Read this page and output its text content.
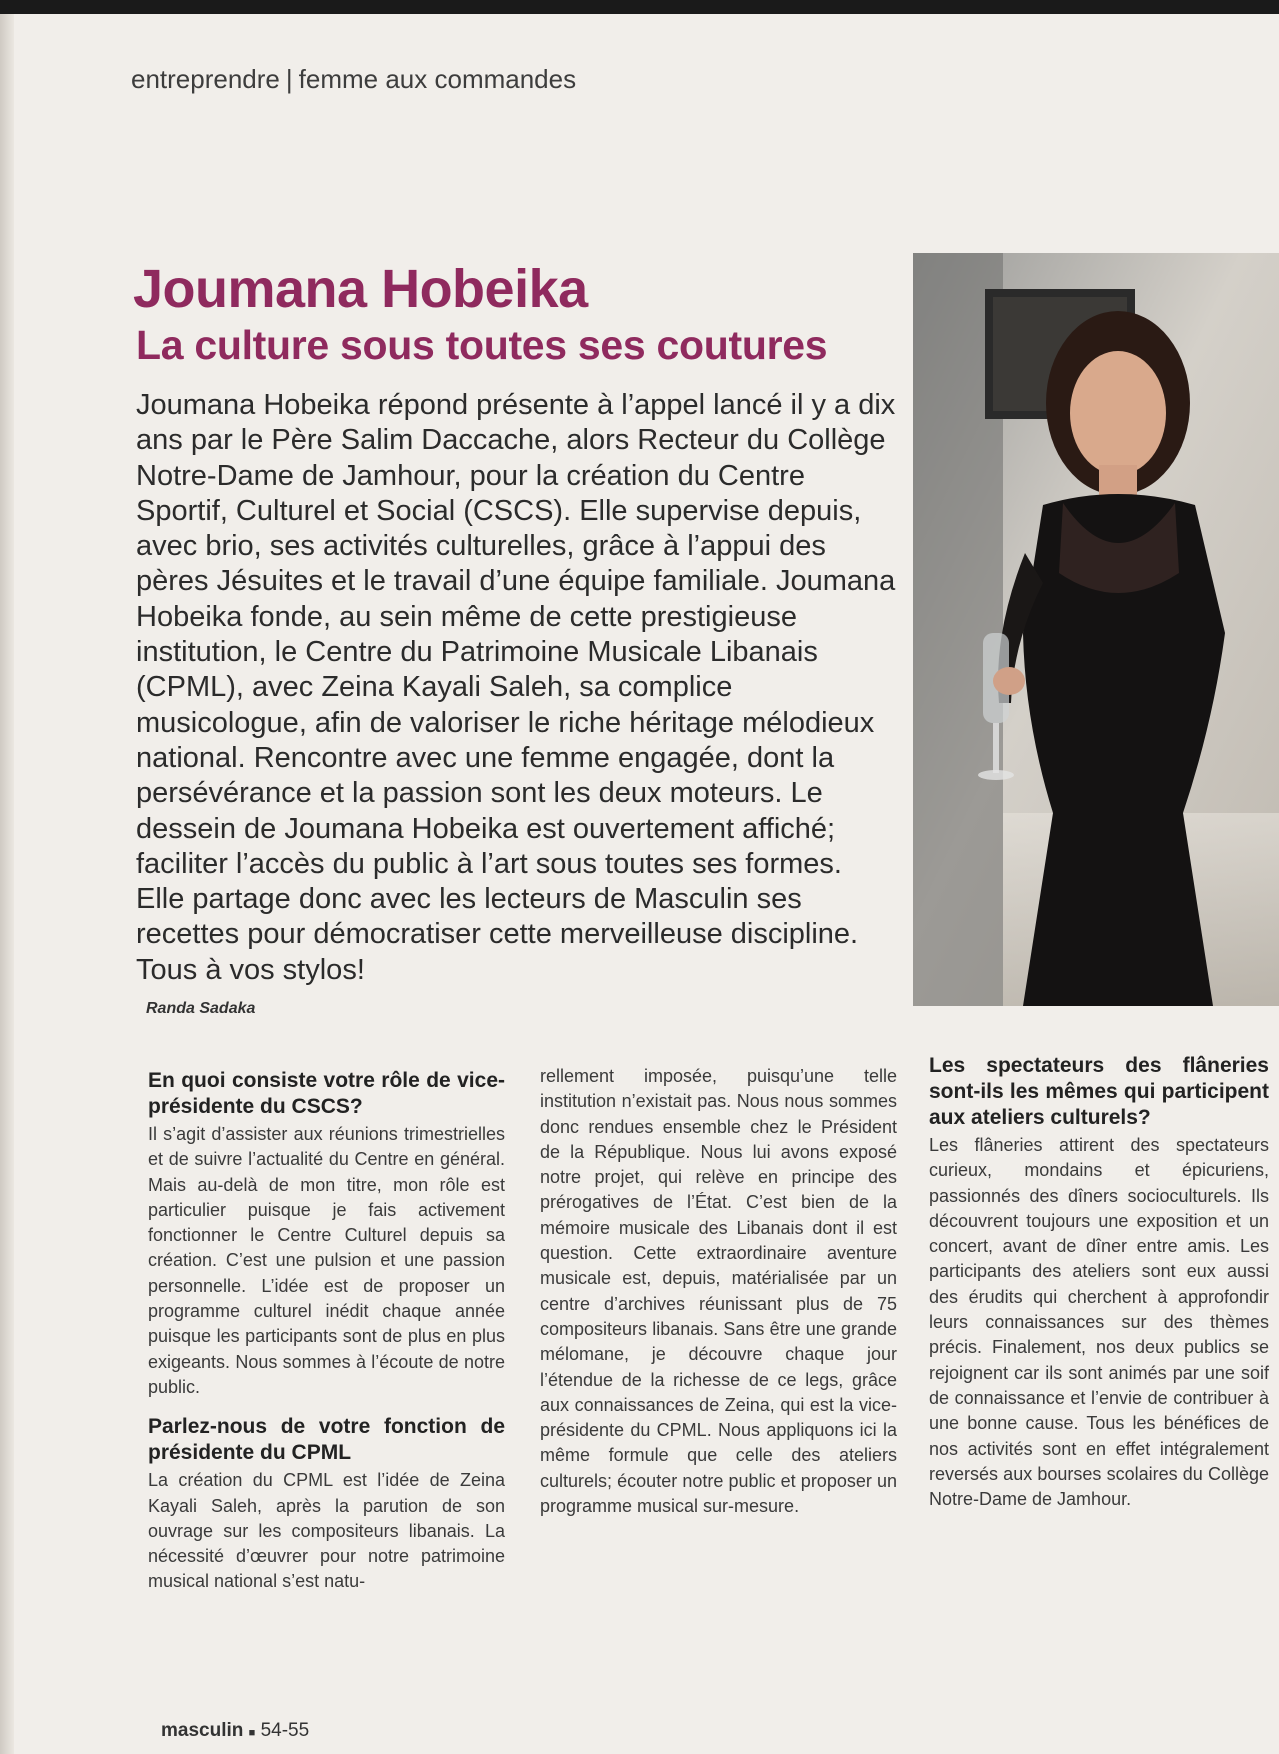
entreprendre | femme aux commandes
Joumana Hobeika
La culture sous toutes ses coutures
Joumana Hobeika répond présente à l’appel lancé il y a dix ans par le Père Salim Daccache, alors Recteur du Collège Notre-Dame de Jamhour, pour la création du Centre Sportif, Culturel et Social (CSCS). Elle supervise depuis, avec brio, ses activités culturelles, grâce à l’appui des pères Jésuites et le travail d’une équipe familiale. Joumana Hobeika fonde, au sein même de cette prestigieuse institution, le Centre du Patrimoine Musicale Libanais (CPML), avec Zeina Kayali Saleh, sa complice musicologue, afin de valoriser le riche héritage mélodieux national. Rencontre avec une femme engagée, dont la persévérance et la passion sont les deux moteurs. Le dessein de Joumana Hobeika est ouvertement affiché; faciliter l’accès du public à l’art sous toutes ses formes. Elle partage donc avec les lecteurs de Masculin ses recettes pour démocratiser cette merveilleuse discipline. Tous à vos stylos!
Randa Sadaka
En quoi consiste votre rôle de vice-présidente du CSCS?

Il s’agit d’assister aux réunions trimestrielles et de suivre l’actualité du Centre en général. Mais au-delà de mon titre, mon rôle est particulier puisque je fais activement fonctionner le Centre Culturel depuis sa création. C’est une pulsion et une passion personnelle. L’idée est de proposer un programme culturel inédit chaque année puisque les participants sont de plus en plus exigeants. Nous sommes à l’écoute de notre public.

Parlez-nous de votre fonction de présidente du CPML

La création du CPML est l’idée de Zeina Kayali Saleh, après la parution de son ouvrage sur les compositeurs libanais. La nécessité d’œuvrer pour notre patrimoine musical national s’est natu-

rellement imposée, puisqu’une telle institution n’existait pas. Nous nous sommes donc rendues ensemble chez le Président de la République. Nous lui avons exposé notre projet, qui relève en principe des prérogatives de l’État. C’est bien de la mémoire musicale des Libanais dont il est question. Cette extraordinaire aventure musicale est, depuis, matérialisée par un centre d’archives réunissant plus de 75 compositeurs libanais. Sans être une grande mélomane, je découvre chaque jour l’étendue de la richesse de ce legs, grâce aux connaissances de Zeina, qui est la vice-présidente du CPML. Nous appliquons ici la même formule que celle des ateliers culturels; écouter notre public et proposer un programme musical sur-mesure.

Les spectateurs des flâneries sont-ils les mêmes qui participent aux ateliers culturels?

Les flâneries attirent des spectateurs curieux, mondains et épicuriens, passionnés des dîners socioculturels. Ils découvrent toujours une exposition et un concert, avant de dîner entre amis. Les participants des ateliers sont eux aussi des érudits qui cherchent à approfondir leurs connaissances sur des thèmes précis. Finalement, nos deux publics se rejoignent car ils sont animés par une soif de connaissance et l’envie de contribuer à une bonne cause. Tous les bénéfices de nos activités sont en effet intégralement reversés aux bourses scolaires du Collège Notre-Dame de Jamhour.

masculin ■ 54-55
